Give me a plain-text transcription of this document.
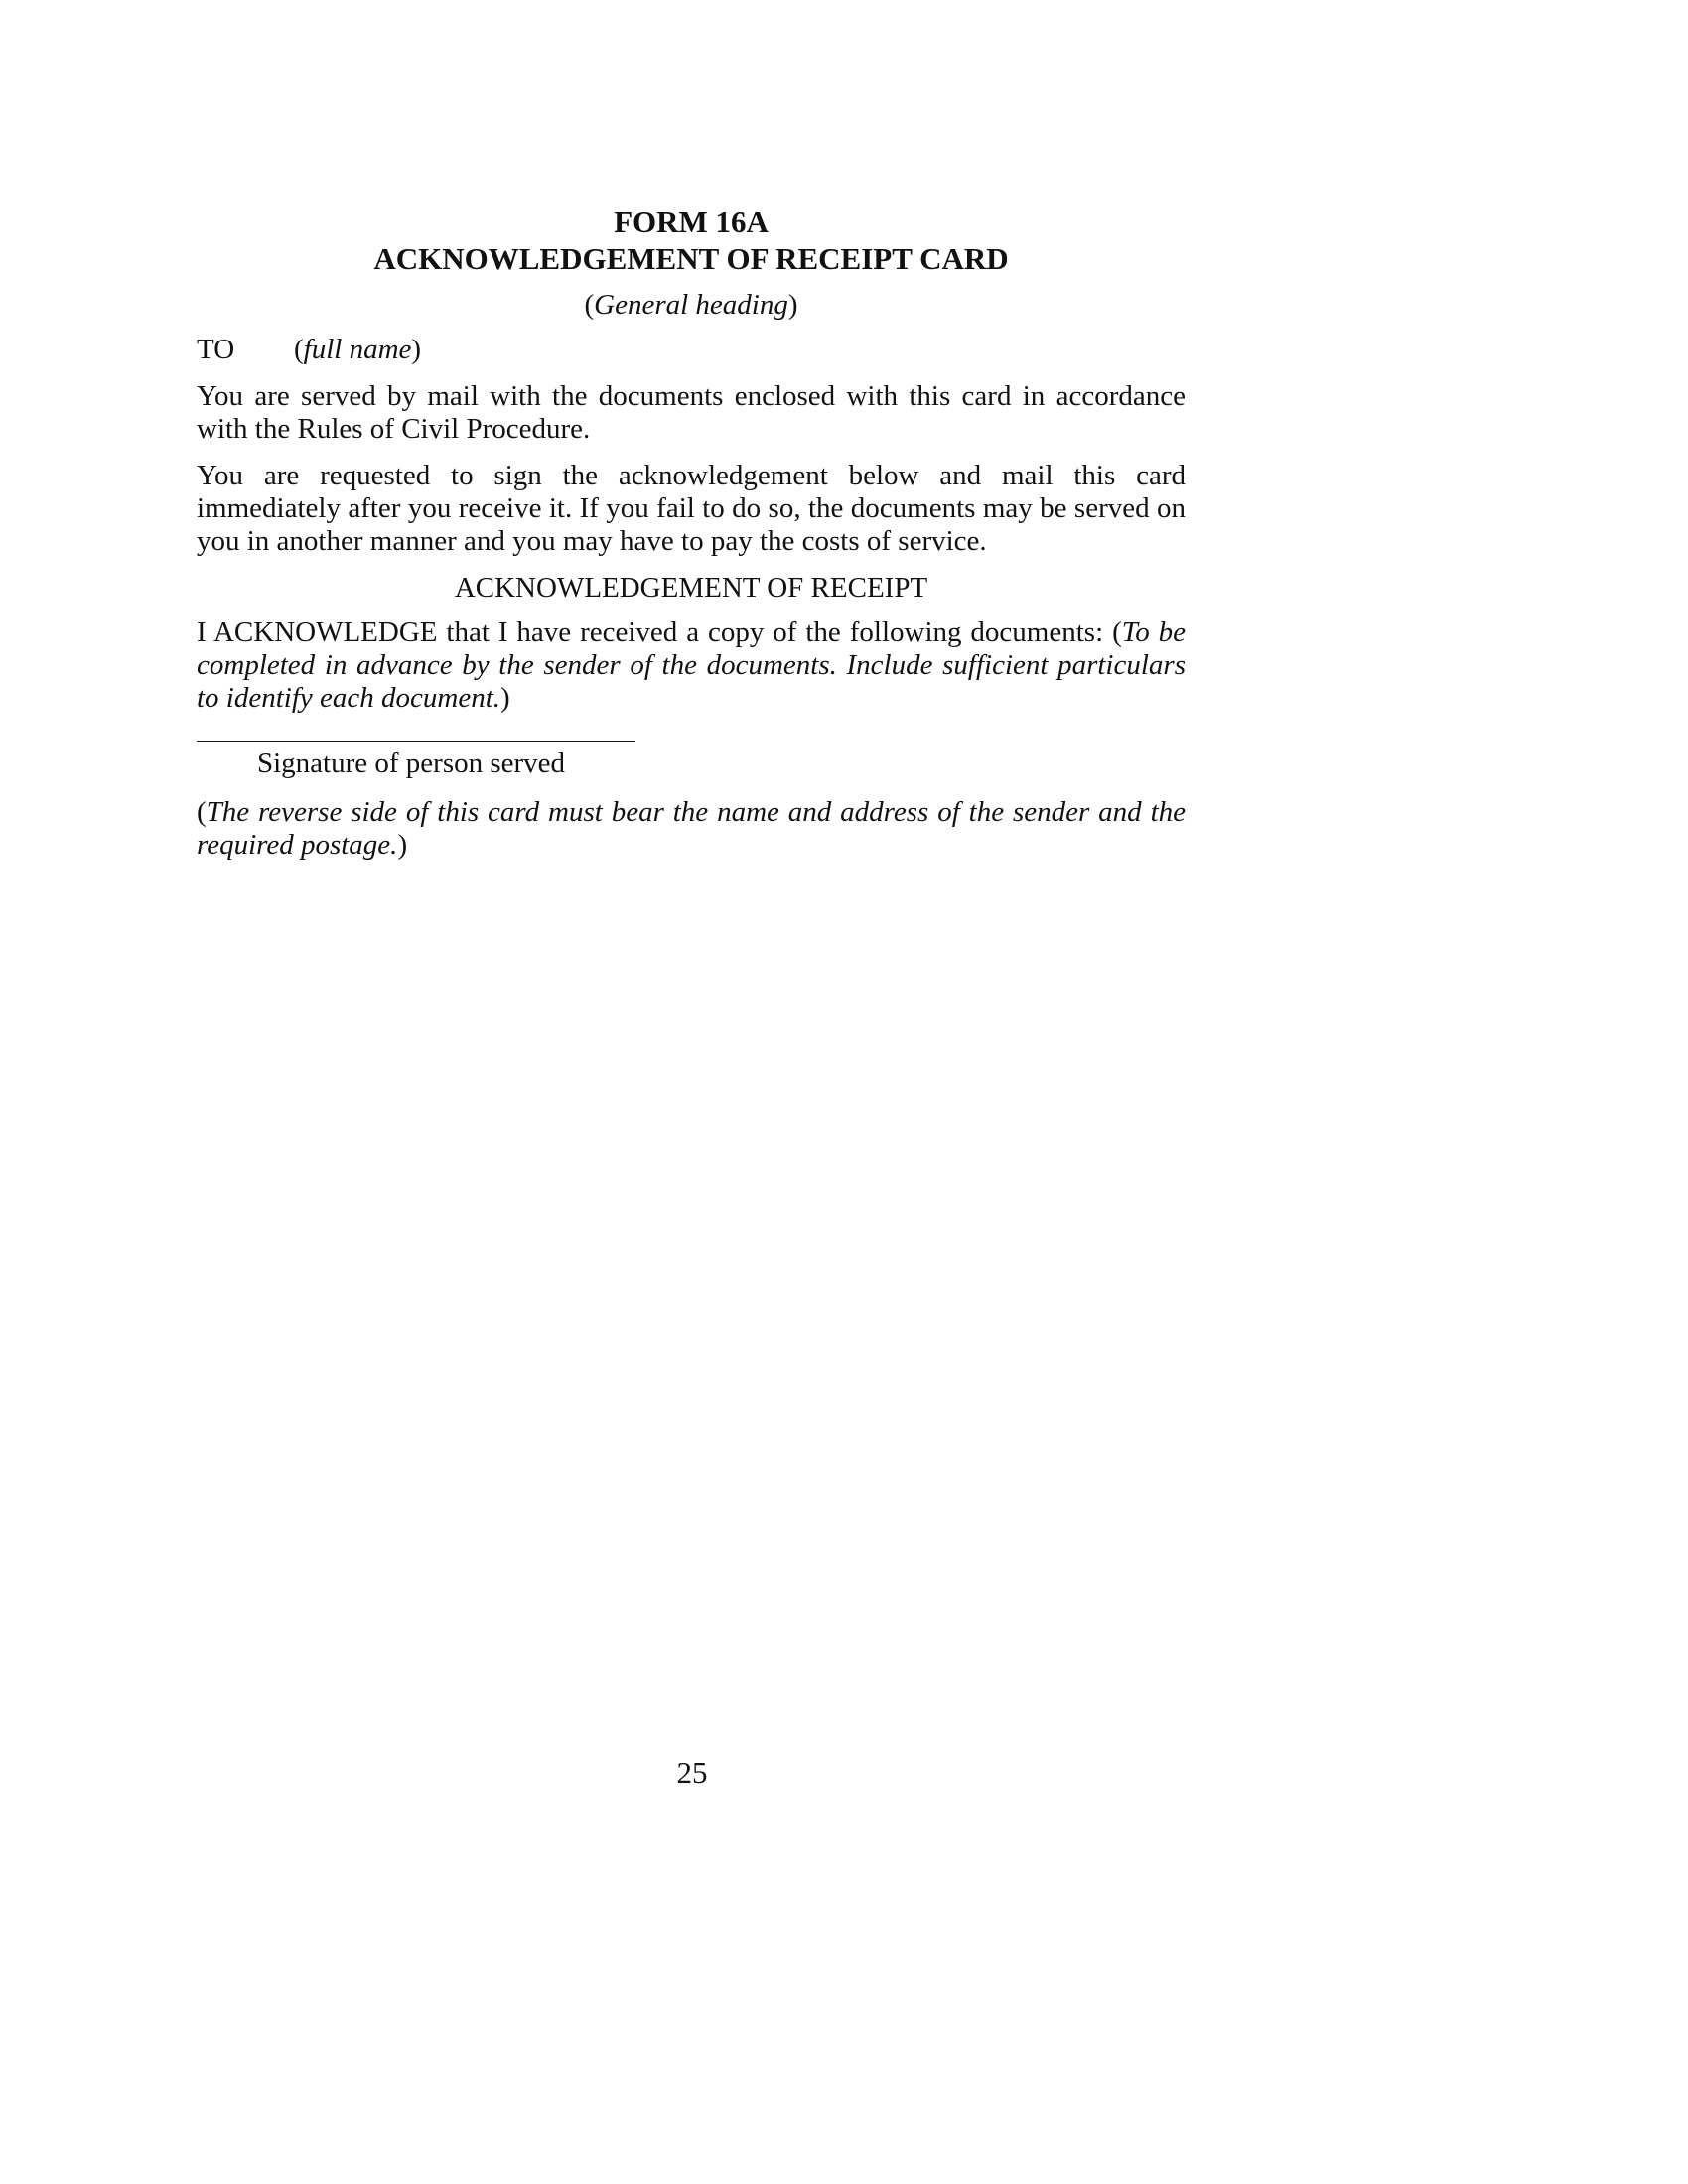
FORM 16A

ACKNOWLEDGEMENT OF RECEIPT CARD

(General heading)

TO (full name)

You are served by mail with the documents enclosed with this card in accordance with the Rules of Civil Procedure.

You are requested to sign the acknowledgement below and mail this card immediately after you receive it. If you fail to do so, the documents may be served on you in another manner and you may have to pay the costs of service.

ACKNOWLEDGEMENT OF RECEIPT

I ACKNOWLEDGE that I have received a copy of the following documents: (To be completed in advance by the sender of the documents. Include sufficient particulars to identify each document.)

Signature of person served

(The reverse side of this card must bear the name and address of the sender and the required postage.)

25
